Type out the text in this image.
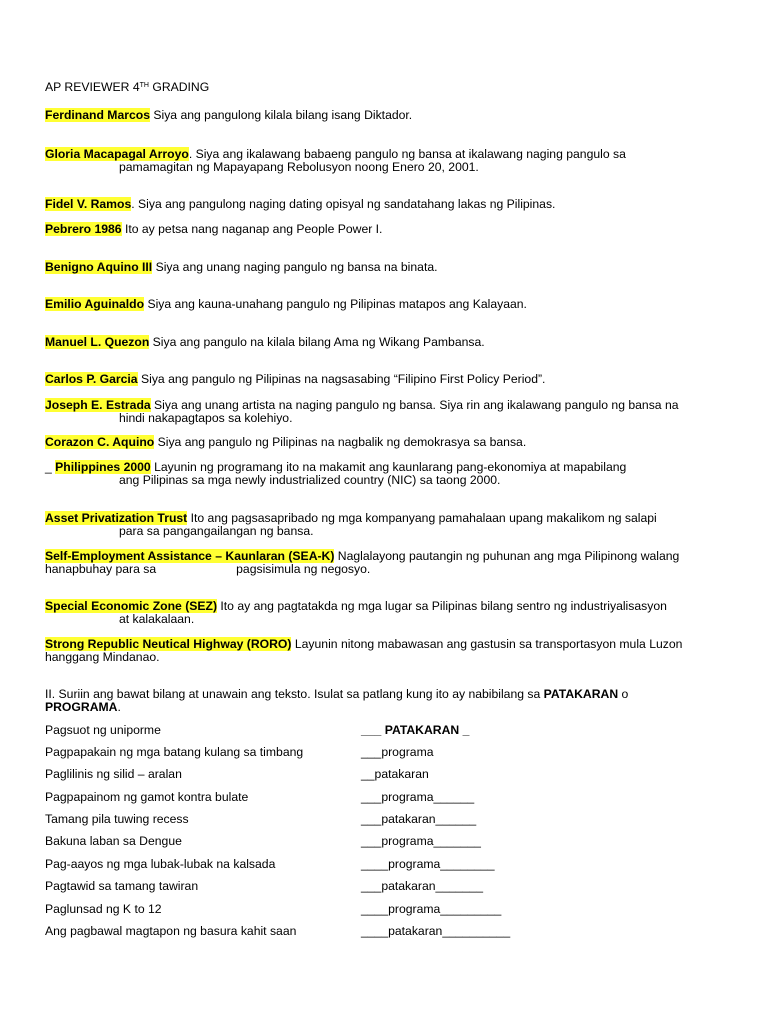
AP REVIEWER 4TH GRADING
Ferdinand Marcos Siya ang pangulong kilala bilang isang Diktador.
Gloria Macapagal Arroyo. Siya ang ikalawang babaeng pangulo ng bansa at ikalawang naging pangulo sa
pamamagitan ng Mapayapang Rebolusyon noong Enero 20, 2001.
Fidel V. Ramos. Siya ang pangulong naging dating opisyal ng sandatahang lakas ng Pilipinas.
Pebrero 1986 Ito ay petsa nang naganap ang People Power I.
Benigno Aquino III Siya ang unang naging pangulo ng bansa na binata.
Emilio Aguinaldo Siya ang kauna-unahang pangulo ng Pilipinas matapos ang Kalayaan.
Manuel L. Quezon Siya ang pangulo na kilala bilang Ama ng Wikang Pambansa.
Carlos P. Garcia Siya ang pangulo ng Pilipinas na nagsasabing “Filipino First Policy Period”.
Joseph E. Estrada Siya ang unang artista na naging pangulo ng bansa. Siya rin ang ikalawang pangulo ng bansa na
hindi nakapagtapos sa kolehiyo.
Corazon C. Aquino Siya ang pangulo ng Pilipinas na nagbalik ng demokrasya sa bansa.
_ Philippines 2000 Layunin ng programang ito na makamit ang kaunlarang pang-ekonomiya at mapabilang
ang Pilipinas sa mga newly industrialized country (NIC) sa taong 2000.
Asset Privatization Trust Ito ang pagsasapribado ng mga kompanyang pamahalaan upang makalikom ng salapi
para sa pangangailangan ng bansa.
Self-Employment Assistance – Kaunlaran (SEA-K) Naglalayong pautangin ng puhunan ang mga Pilipinong walang
hanapbuhay para sa	pagsisimula ng negosyo.
Special Economic Zone (SEZ) Ito ay ang pagtatakda ng mga lugar sa Pilipinas bilang sentro ng industriyalisasyon
at kalakalaan.
Strong Republic Neutical Highway (RORO) Layunin nitong mabawasan ang gastusin sa transportasyon mula Luzon
hanggang Mindanao.
II. Suriin ang bawat bilang at unawain ang teksto. Isulat sa patlang kung ito ay nabibilang sa PATAKARAN o
PROGRAMA.
Pagsuot ng uniporme	___ PATAKARAN _
Pagpapakain ng mga batang kulang sa timbang	___programa
Paglilinis ng silid – aralan	__patakaran
Pagpapainom ng gamot kontra bulate	___programa______
Tamang pila tuwing recess	___patakaran______
Bakuna laban sa Dengue	___programa_______
Pag-aayos ng mga lubak-lubak na kalsada	____programa________
Pagtawid sa tamang tawiran	___patakaran_______
Paglunsad ng K to 12	____programa_________
Ang pagbawal magtapon ng basura kahit saan	____patakaran__________
